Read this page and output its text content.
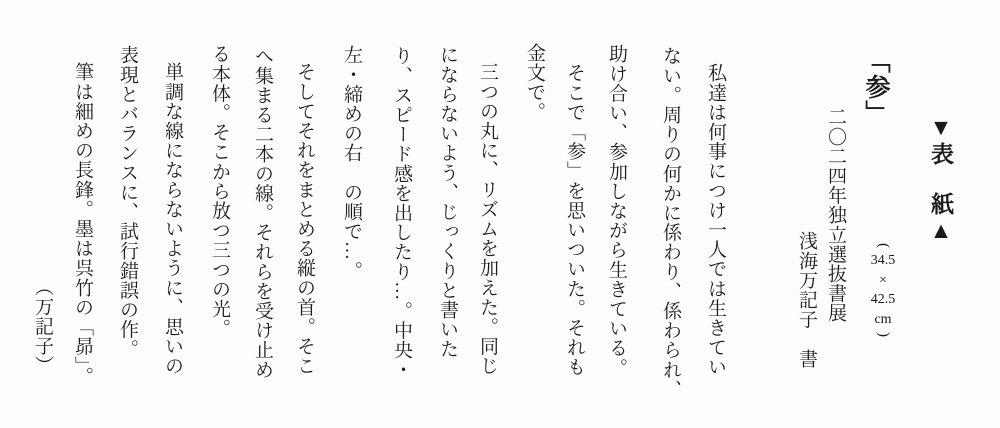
▼表　紙▲
「参」
(
34.5
×
42.5
cm
)
二〇二四年独立選抜書展
浅海万記子　書
私達は何事につけ一人では生きてい
ない。周りの何かに係わり、係わられ、
助け合い、参加しながら生きている。
そこで「参」を思いついた。それも
金文で。
三つの丸に、リズムを加えた。同じ
にならないよう、じっくりと書いた
り、スピード感を出したり…。中央・
左・締めの右　の順で…。
そしてそれをまとめる縦の首。そこ
へ集まる二本の線。それらを受け止め
る本体。そこから放つ三つの光。
単調な線にならないように、思いの
表現とバランスに、試行錯誤の作。
筆は細めの長鋒。墨は呉竹の「昴」。
（万記子）
